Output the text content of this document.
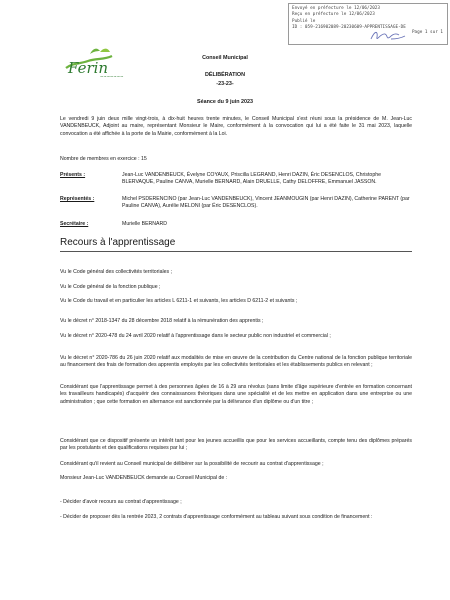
Envoyé en préfecture le 12/06/2023
Reçu en préfecture le 12/06/2023
Publié le
ID : 059-216902089-20230609-APPRENTISSAGE-DE
Page 1 sur 1
Ferin
~~~~~~~
Conseil Municipal
DÉLIBÉRATION
-23-23-
Séance du 9 juin 2023
Le vendredi 9 juin deux mille vingt-trois, à dix-huit heures trente minutes, le Conseil Municipal s'est réuni sous la présidence de M. Jean-Luc VANDENBEUCK, Adjoint au maire, représentant Monsieur le Maire, conformément à la convocation qui lui a été faite le 31 mai 2023, laquelle convocation a été affichée à la porte de la Mairie, conformément à la Loi.
Nombre de membres en exercice : 15
Présents :	Jean-Luc VANDENBEUCK, Évelyne COYAUX, Priscilla LEGRAND, Henri DAZIN, Éric DESENCLOS, Christophe BLERVAQUE, Pauline CANVA, Murielle BERNARD, Alain DRUELLE, Cathy DELOFFRE, Emmanuel JASSON.
Représentés :	Michel PSDERENCINO (par Jean-Luc VANDENBEUCK), Vincent JEANMOUGIN (par Henri DAZIN), Catherine PARENT (par Pauline CANVA), Aurélie MELONI (par Éric DESENCLOS).
Secrétaire :	Murielle BERNARD
Recours à l'apprentissage
Vu le Code général des collectivités territoriales ;
Vu le Code général de la fonction publique ;
Vu le Code du travail et en particulier les articles L 6211-1 et suivants, les articles D 6211-2 et suivants ;
Vu le décret n° 2018-1347 du 28 décembre 2018 relatif à la rémunération des apprentis ;
Vu le décret n° 2020-478 du 24 avril 2020 relatif à l'apprentissage dans le secteur public non industriel et commercial ;
Vu le décret n° 2020-786 du 26 juin 2020 relatif aux modalités de mise en œuvre de la contribution du Centre national de la fonction publique territoriale au financement des frais de formation des apprentis employés par les collectivités territoriales et les établissements publics en relevant ;
Considérant que l'apprentissage permet à des personnes âgées de 16 à 29 ans révolus (sans limite d'âge supérieure d'entrée en formation concernant les travailleurs handicapés) d'acquérir des connaissances théoriques dans une spécialité et de les mettre en application dans une entreprise ou une administration ; que cette formation en alternance est sanctionnée par la délivrance d'un diplôme ou d'un titre ;
Considérant que ce dispositif présente un intérêt tant pour les jeunes accueillis que pour les services accueillants, compte tenu des diplômes préparés par les postulants et des qualifications requises par lui ;
Considérant qu'il revient au Conseil municipal de délibérer sur la possibilité de recourir au contrat d'apprentissage ;
Monsieur Jean-Luc VANDENBEUCK demande au Conseil Municipal de :
- Décider d'avoir recours au contrat d'apprentissage ;
- Décider de proposer dès la rentrée 2023, 2 contrats d'apprentissage conformément au tableau suivant sous condition de financement :
